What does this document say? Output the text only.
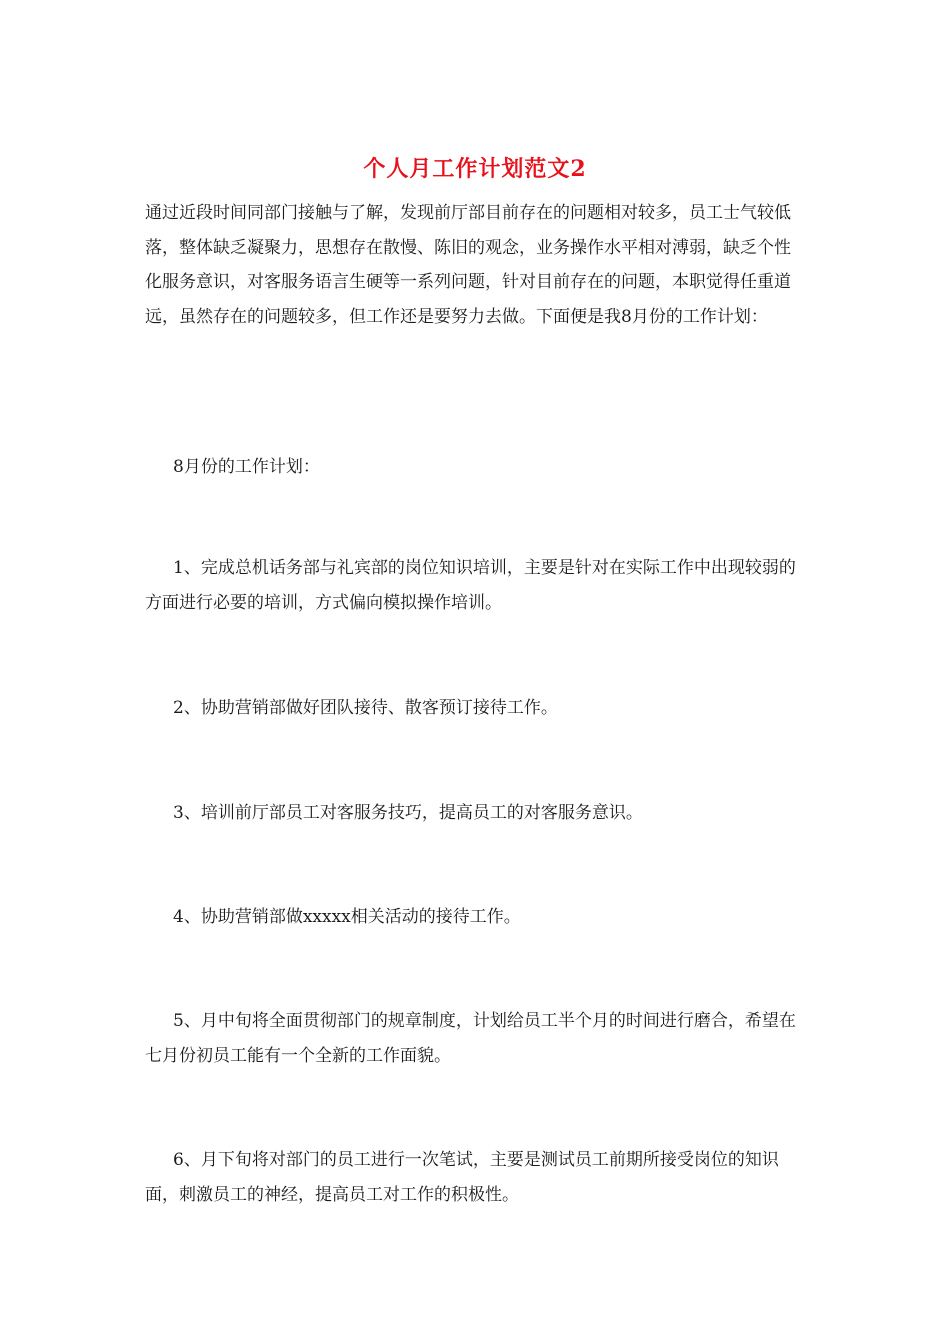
个人月工作计划范文2

通过近段时间同部门接触与了解，发现前厅部目前存在的问题相对较多，员工士气较低落，整体缺乏凝聚力，思想存在散慢、陈旧的观念，业务操作水平相对溥弱，缺乏个性化服务意识，对客服务语言生硬等一系列问题，针对目前存在的问题，本职觉得任重道远，虽然存在的问题较多，但工作还是要努力去做。下面便是我8月份的工作计划：

8月份的工作计划：

1、完成总机话务部与礼宾部的岗位知识培训，主要是针对在实际工作中出现较弱的方面进行必要的培训，方式偏向模拟操作培训。

2、协助营销部做好团队接待、散客预订接待工作。

3、培训前厅部员工对客服务技巧，提高员工的对客服务意识。

4、协助营销部做xxxxx相关活动的接待工作。

5、月中旬将全面贯彻部门的规章制度，计划给员工半个月的时间进行磨合，希望在七月份初员工能有一个全新的工作面貌。

6、月下旬将对部门的员工进行一次笔试，主要是测试员工前期所接受岗位的知识面，刺激员工的神经，提高员工对工作的积极性。
